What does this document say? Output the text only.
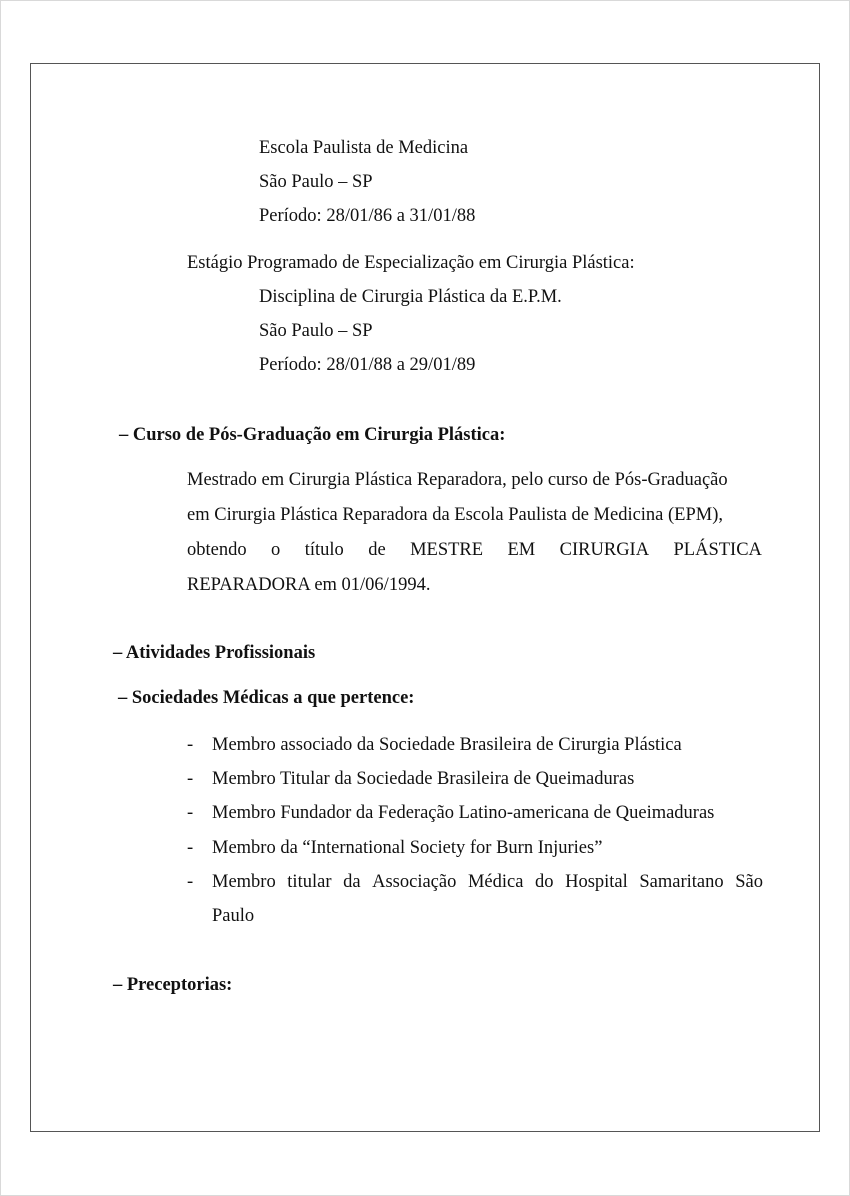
Escola Paulista de Medicina
São Paulo – SP
Período: 28/01/86 a 31/01/88
Estágio Programado de Especialização em Cirurgia Plástica:
Disciplina de Cirurgia Plástica da E.P.M.
São Paulo – SP
Período: 28/01/88 a 29/01/89
– Curso de Pós-Graduação em Cirurgia Plástica:
Mestrado em Cirurgia Plástica Reparadora, pelo curso de Pós-Graduação
em Cirurgia Plástica Reparadora da Escola Paulista de Medicina (EPM),
obtendo o título de MESTRE EM CIRURGIA PLÁSTICA
REPARADORA em 01/06/1994.
– Atividades Profissionais
– Sociedades Médicas a que pertence:
- Membro associado da Sociedade Brasileira de Cirurgia Plástica
- Membro Titular da Sociedade Brasileira de Queimaduras
- Membro Fundador da Federação Latino-americana de Queimaduras
- Membro da “International Society for Burn Injuries”
- Membro titular da Associação Médica do Hospital Samaritano São
Paulo
– Preceptorias:
